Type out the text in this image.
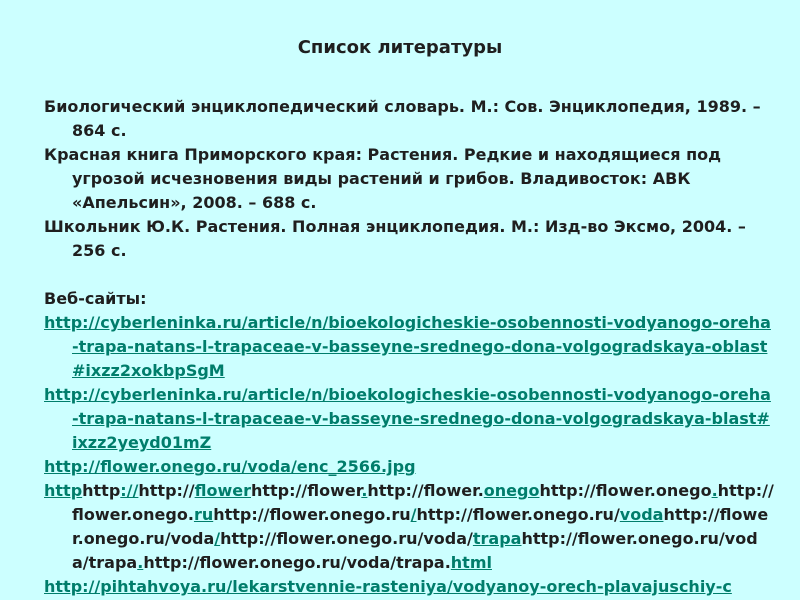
Список литературы
Биологический энциклопедический словарь. М.: Сов. Энциклопедия, 1989. – 864 с.
Красная книга Приморского края: Растения. Редкие и находящиеся под угрозой исчезновения виды растений и грибов. Владивосток: АВК «Апельсин», 2008. – 688 с.
Школьник Ю.К. Растения. Полная энциклопедия. М.: Изд-во Эксмо, 2004. – 256 с.
Веб-сайты:
http://cyberleninka.ru/article/n/bioekologicheskie-osobennosti-vodyanogo-oreha-trapa-natans-l-trapaceae-v-basseyne-srednego-dona-volgogradskaya-oblast#ixzz2xokbpSgM
http://cyberleninka.ru/article/n/bioekologicheskie-osobennosti-vodyanogo-oreha-trapa-natans-l-trapaceae-v-basseyne-srednego-dona-volgogradskaya-blast#ixzz2yeyd01mZ
http://flower.onego.ru/voda/enc_2566.jpg
httphttp://http://flowerhttp://flower.http://flower.onegohttp://flower.onego.http://flower.onego.ruhttp://flower.onego.ru/http://flower.onego.ru/vodahttp://flower.onego.ru/voda/http://flower.onego.ru/voda/trapahttp://flower.onego.ru/voda/trapa.http://flower.onego.ru/voda/trapa.html
http://pihtahvoya.ru/lekarstvennie-rasteniya/vodyanoy-orech-plavajuschiy-c
